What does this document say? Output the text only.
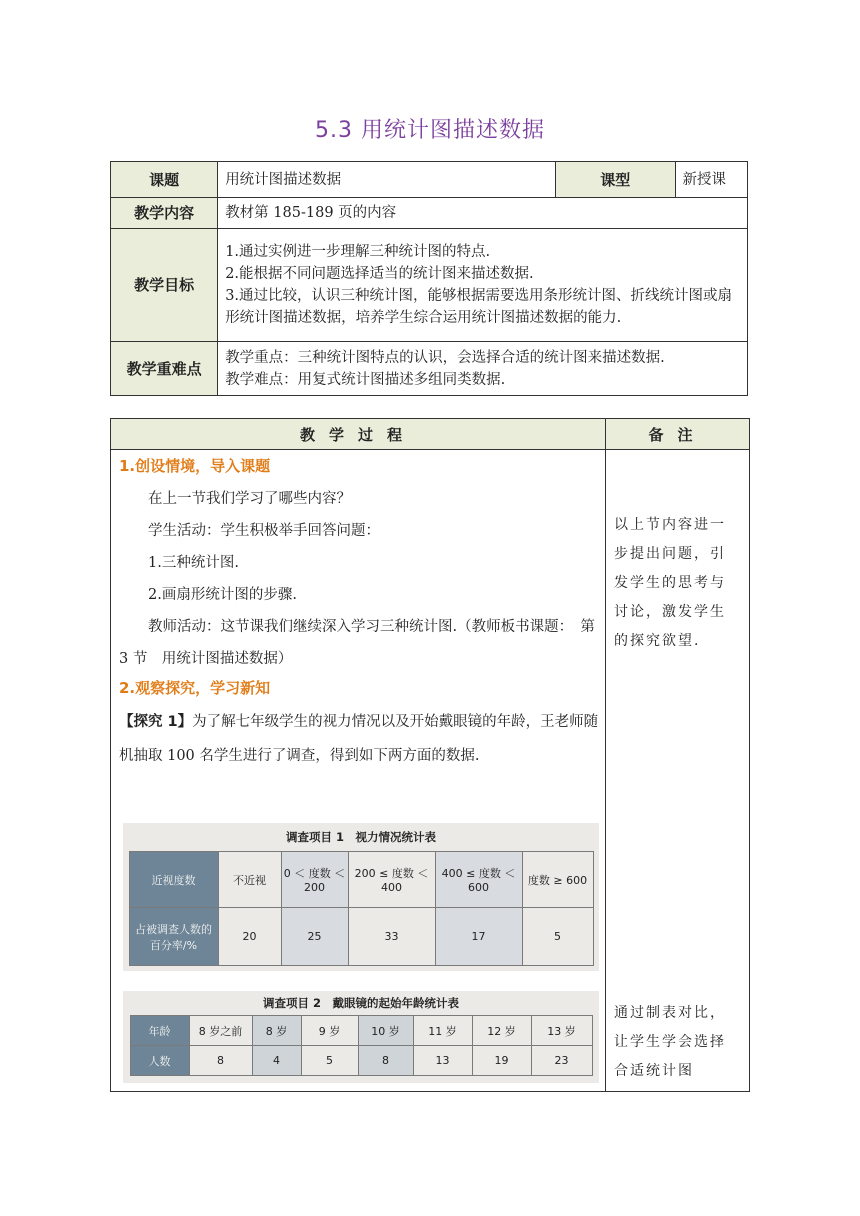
5.3 用统计图描述数据
课题	用统计图描述数据	课型	新授课
教学内容	教材第 185-189 页的内容		
教学目标	1.通过实例进一步理解三种统计图的特点.
2.能根据不同问题选择适当的统计图来描述数据.
3.通过比较，认识三种统计图，能够根据需要选用条形统计图、折线统计图或扇形统计图描述数据，培养学生综合运用统计图描述数据的能力.		

教学重难点	教学重点：三种统计图特点的认识，会选择合适的统计图来描述数据.
教学难点：用复式统计图描述多组同类数据.		
教学过程	备注
1.创设情境，导入课题

在上一节我们学习了哪些内容？

学生活动：学生积极举手回答问题：

1.三种统计图.

2.画扇形统计图的步骤.

教师活动：这节课我们继续深入学习三种统计图.（教师板书课题：　第 3 节　用统计图描述数据）

2.观察探究，学习新知

【探究 1】为了解七年级学生的视力情况以及开始戴眼镜的年龄，王老师随机抽取 100 名学生进行了调查，得到如下两方面的数据.

以上节内容进一步提出问题，引发学生的思考与讨论，激发学生的探究欲望.
通过制表对比，让学生学会选择合适统计图
调查项目 1　视力情况统计表
近视度数	不近视	0 ＜ 度数 ＜ 200	200 ≤ 度数 ＜ 400	400 ≤ 度数 ＜ 600	度数 ≥ 600
占被调查人数的百分率/%	20	25	33	17	5
调查项目 2　戴眼镜的起始年龄统计表
年龄	8 岁之前	8 岁	9 岁	10 岁	11 岁	12 岁	13 岁
人数	8	4	5	8	13	19	23
